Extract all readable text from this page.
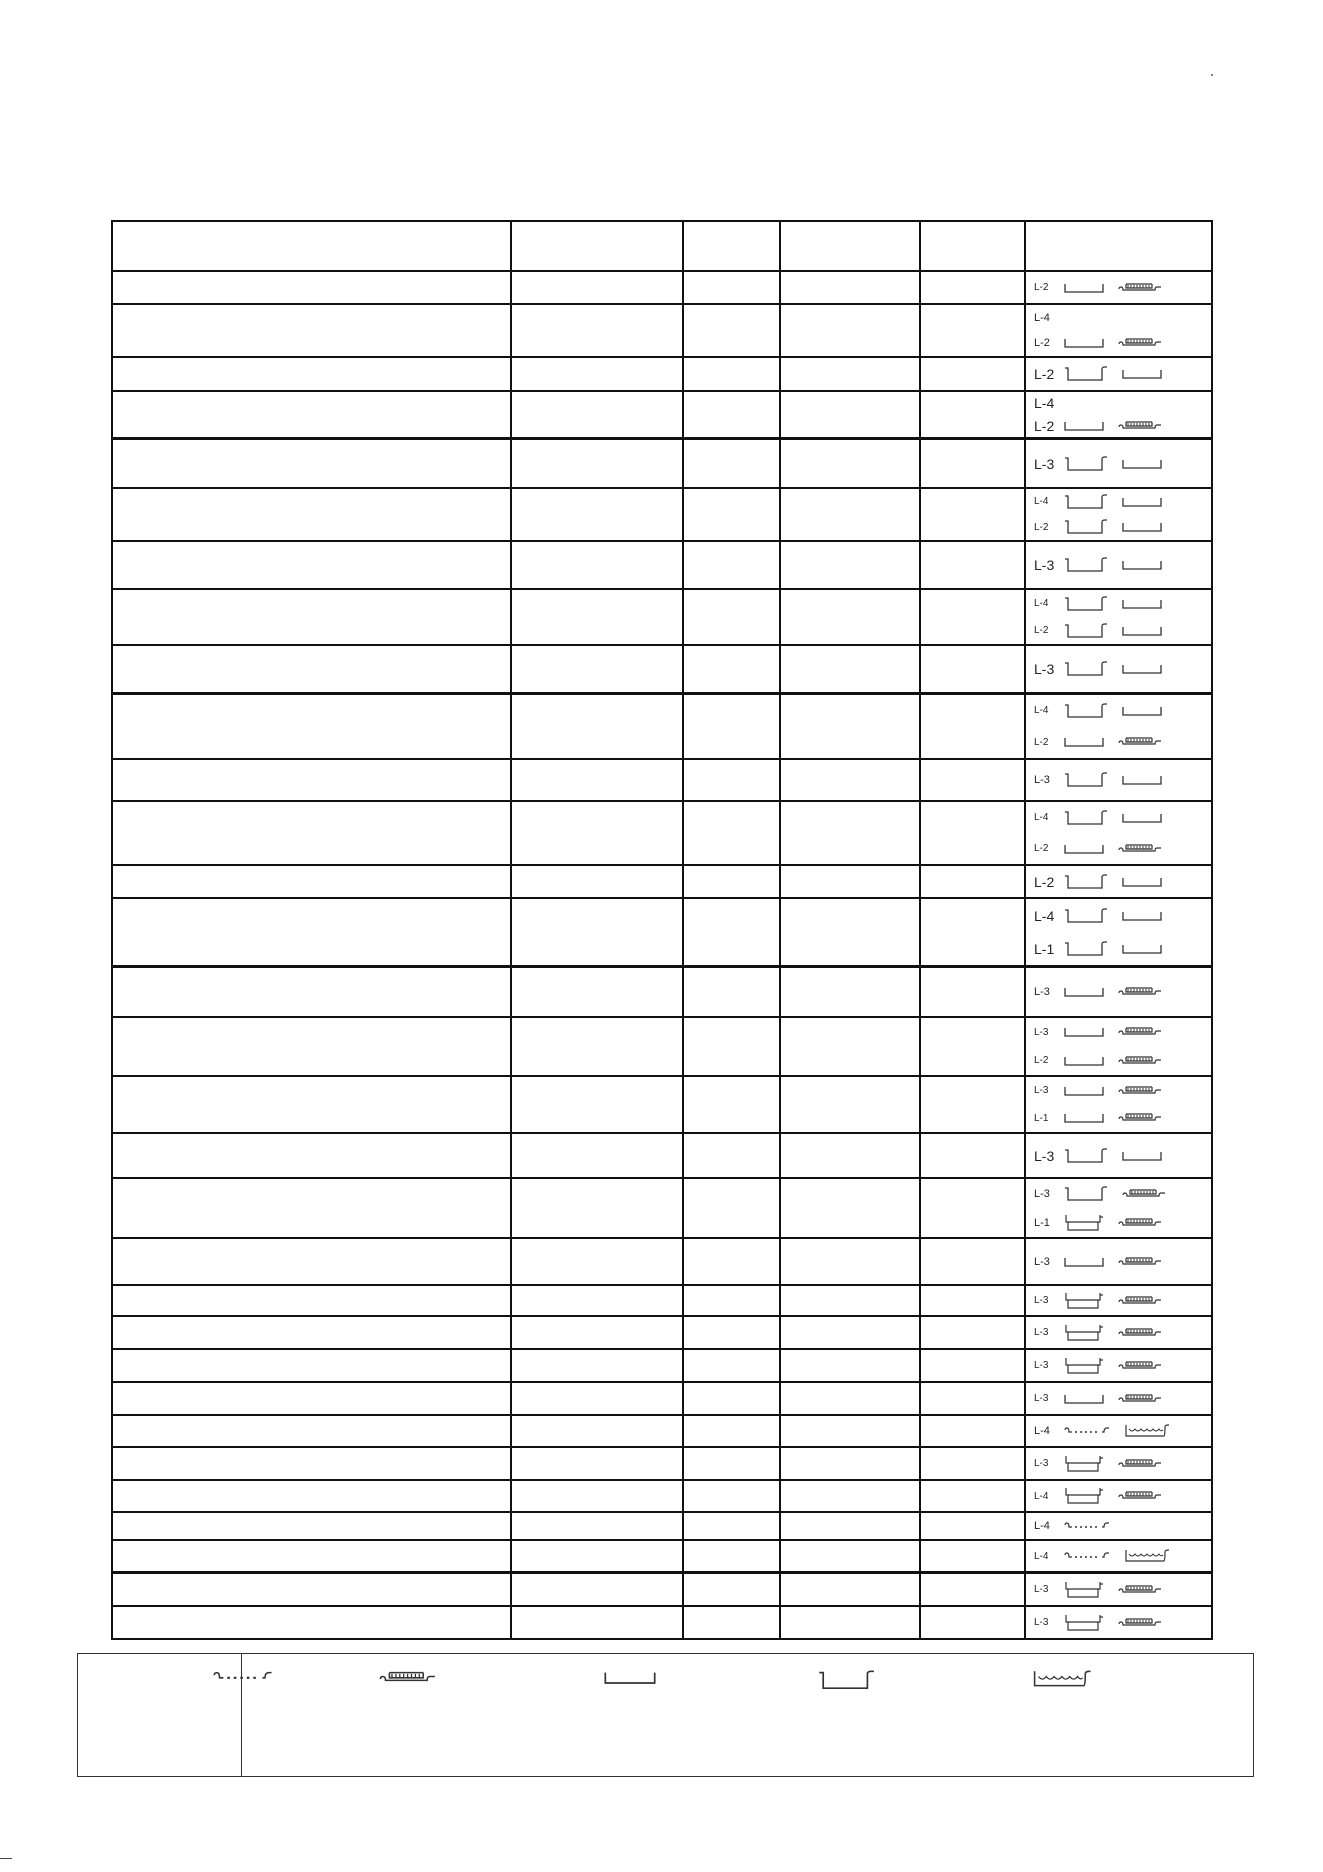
					L-2

					L-4
L-2

					L-2

					L-4
L-2

					L-3

					L-4
L-2

					L-3

					L-4
L-2

					L-3

					L-4
L-2

					L-3

					L-4
L-2

					L-2

					L-4
L-1

					L-3

					L-3
L-2

					L-3
L-1

					L-3

					L-3
L-1

					L-3

					L-3

					L-3

					L-3

					L-3

					L-4

					L-3

					L-4

					L-4

					L-4

					L-3

					L-3
